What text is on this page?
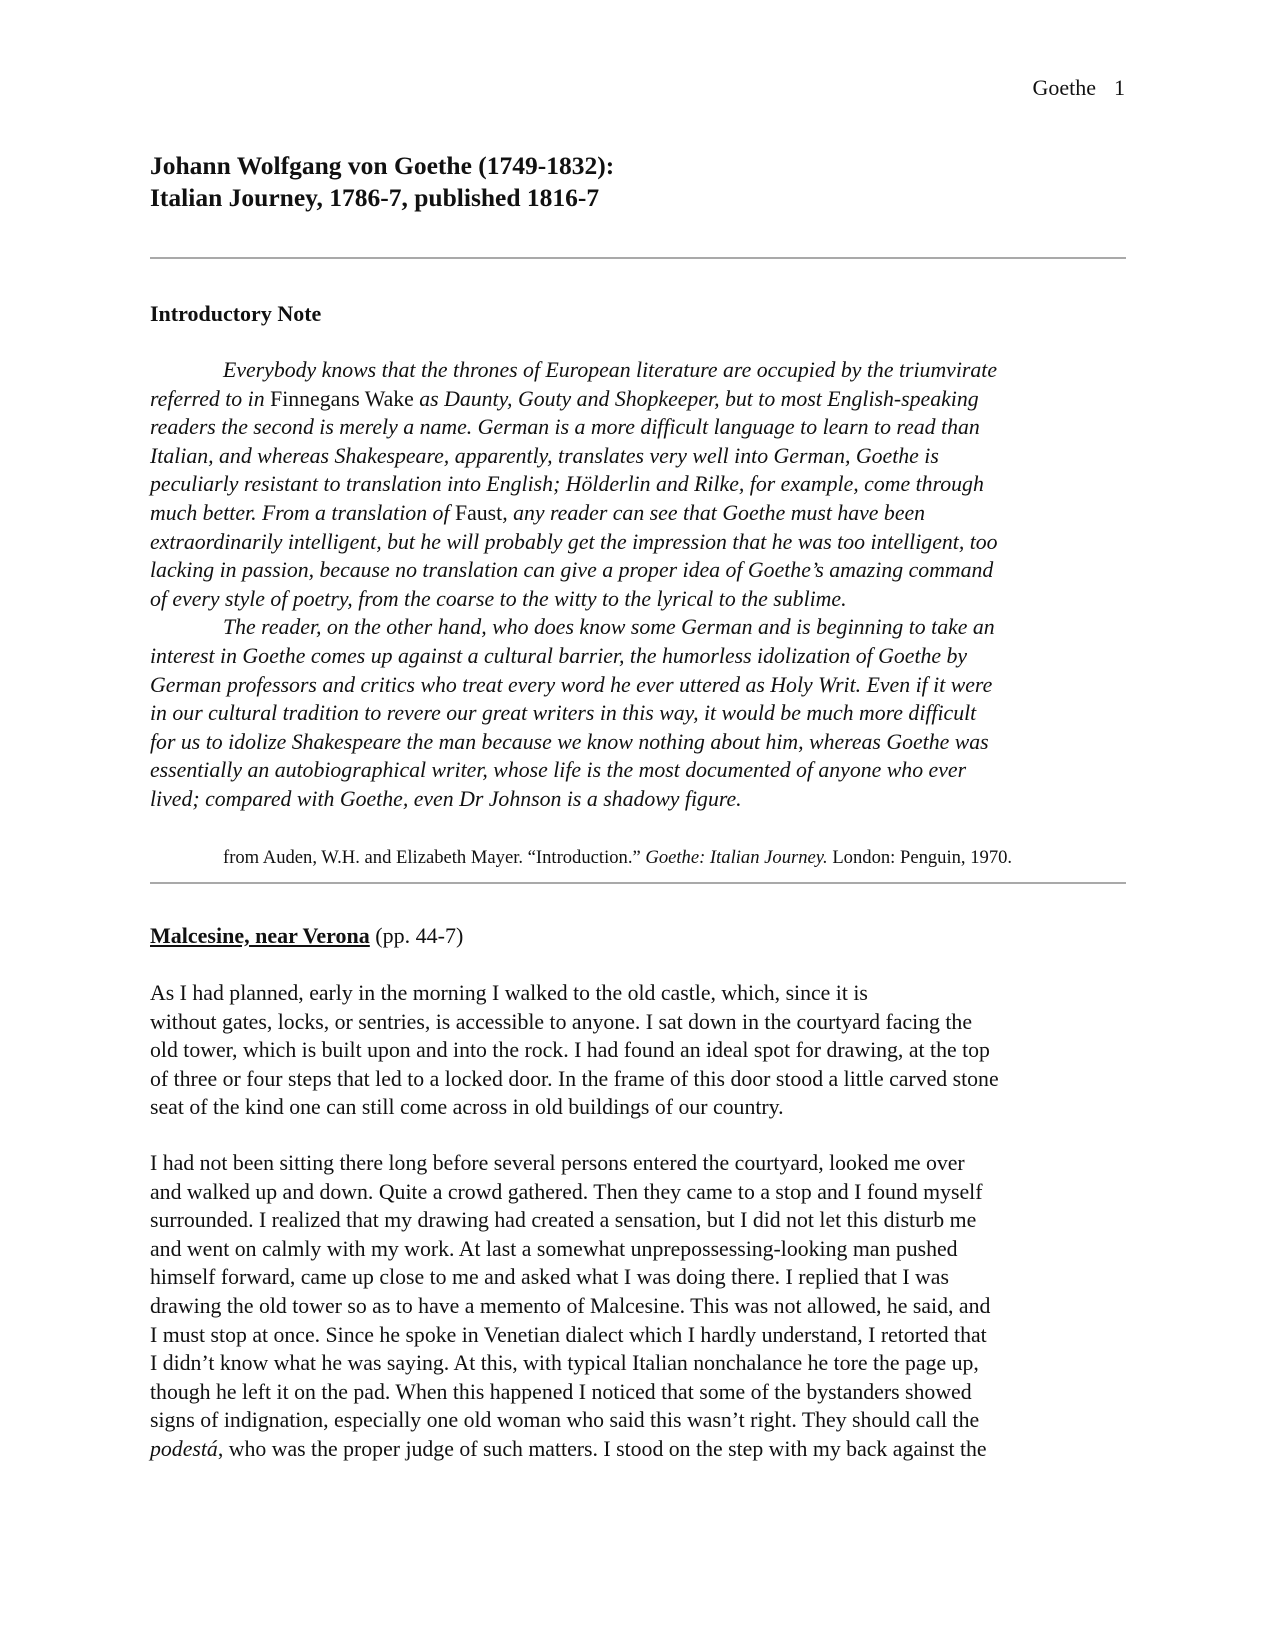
Goethe 1
Johann Wolfgang von Goethe (1749-1832):
Italian Journey, 1786-7, published 1816-7
Introductory Note
Everybody knows that the thrones of European literature are occupied by the triumvirate
referred to in Finnegans Wake as Daunty, Gouty and Shopkeeper, but to most English-speaking
readers the second is merely a name. German is a more difficult language to learn to read than
Italian, and whereas Shakespeare, apparently, translates very well into German, Goethe is
peculiarly resistant to translation into English; Hölderlin and Rilke, for example, come through
much better. From a translation of Faust, any reader can see that Goethe must have been
extraordinarily intelligent, but he will probably get the impression that he was too intelligent, too
lacking in passion, because no translation can give a proper idea of Goethe’s amazing command
of every style of poetry, from the coarse to the witty to the lyrical to the sublime.
The reader, on the other hand, who does know some German and is beginning to take an
interest in Goethe comes up against a cultural barrier, the humorless idolization of Goethe by
German professors and critics who treat every word he ever uttered as Holy Writ. Even if it were
in our cultural tradition to revere our great writers in this way, it would be much more difficult
for us to idolize Shakespeare the man because we know nothing about him, whereas Goethe was
essentially an autobiographical writer, whose life is the most documented of anyone who ever
lived; compared with Goethe, even Dr Johnson is a shadowy figure.
from Auden, W.H. and Elizabeth Mayer. “Introduction.” Goethe: Italian Journey. London: Penguin, 1970.
Malcesine, near Verona (pp. 44-7)
As I had planned, early in the morning I walked to the old castle, which, since it is
without gates, locks, or sentries, is accessible to anyone. I sat down in the courtyard facing the
old tower, which is built upon and into the rock. I had found an ideal spot for drawing, at the top
of three or four steps that led to a locked door. In the frame of this door stood a little carved stone
seat of the kind one can still come across in old buildings of our country.
I had not been sitting there long before several persons entered the courtyard, looked me over
and walked up and down. Quite a crowd gathered. Then they came to a stop and I found myself
surrounded. I realized that my drawing had created a sensation, but I did not let this disturb me
and went on calmly with my work. At last a somewhat unprepossessing-looking man pushed
himself forward, came up close to me and asked what I was doing there. I replied that I was
drawing the old tower so as to have a memento of Malcesine. This was not allowed, he said, and
I must stop at once. Since he spoke in Venetian dialect which I hardly understand, I retorted that
I didn’t know what he was saying. At this, with typical Italian nonchalance he tore the page up,
though he left it on the pad. When this happened I noticed that some of the bystanders showed
signs of indignation, especially one old woman who said this wasn’t right. They should call the
podestá, who was the proper judge of such matters. I stood on the step with my back against the
